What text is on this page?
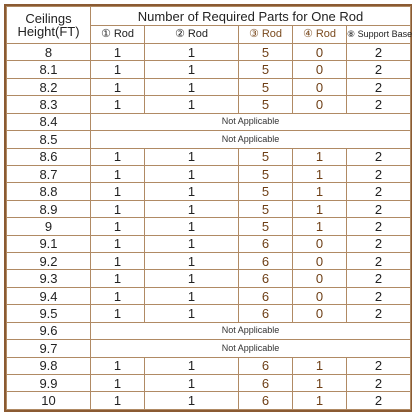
Ceilings
Height(FT)	Number of Required Parts for One Rod				
	① Rod	② Rod	③ Rod	④ Rod	⑧ Support Base
8	1	1	5	0	2
8.1	1	1	5	0	2
8.2	1	1	5	0	2
8.3	1	1	5	0	2
8.4	Not Applicable				
8.5	Not Applicable				
8.6	1	1	5	1	2
8.7	1	1	5	1	2
8.8	1	1	5	1	2
8.9	1	1	5	1	2
9	1	1	5	1	2
9.1	1	1	6	0	2
9.2	1	1	6	0	2
9.3	1	1	6	0	2
9.4	1	1	6	0	2
9.5	1	1	6	0	2
9.6	Not Applicable				
9.7	Not Applicable				
9.8	1	1	6	1	2
9.9	1	1	6	1	2
10	1	1	6	1	2
